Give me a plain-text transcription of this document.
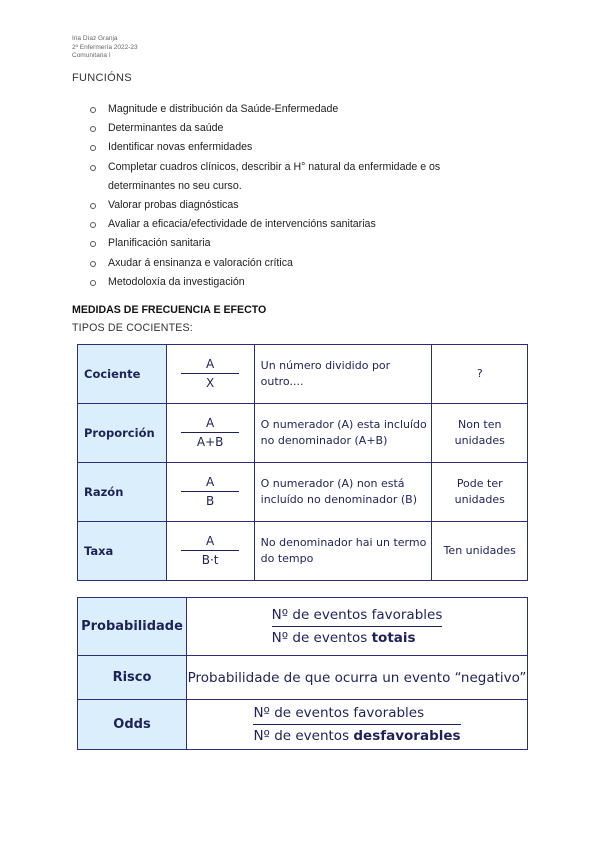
Iria Díaz Granja
2º Enfermería 2022-23
Comunitaria I
FUNCIÓNS
Magnitude e distribución da Saúde-Enfermedade
Determinantes da saúde
Identificar novas enfermidades
Completar cuadros clínicos, describir a H° natural da enfermidade e os
determinantes no seu curso.
Valorar probas diagnósticas
Avaliar a eficacia/efectividade de intervencións sanitarias
Planificación sanitaria
Axudar á ensinanza e valoración crítica
Metodoloxía da investigación
MEDIDAS DE FRECUENCIA E EFECTO
TIPOS DE COCIENTES:
Cociente	$\frac{A}{X}$	Un número dividido por outro....	?
Proporción	$\frac{A}{A+B}$	O numerador (A) esta incluído no denominador (A+B)	Non ten unidades
Razón	$\frac{A}{B}$	O numerador (A) non está incluído no denominador (B)	Pode ter unidades
Taxa	$\frac{A}{B\cdot t}$	No denominador hai un termo do tempo	Ten unidades
Probabilidade	$\frac{\text{Nº de eventos favorables}}{\text{Nº de eventos totais}}$

Risco	Probabilidade de que ocurra un evento “negativo”
Odds	$\frac{\text{Nº de eventos favorables}}{\text{Nº de eventos desfavorables}}$
